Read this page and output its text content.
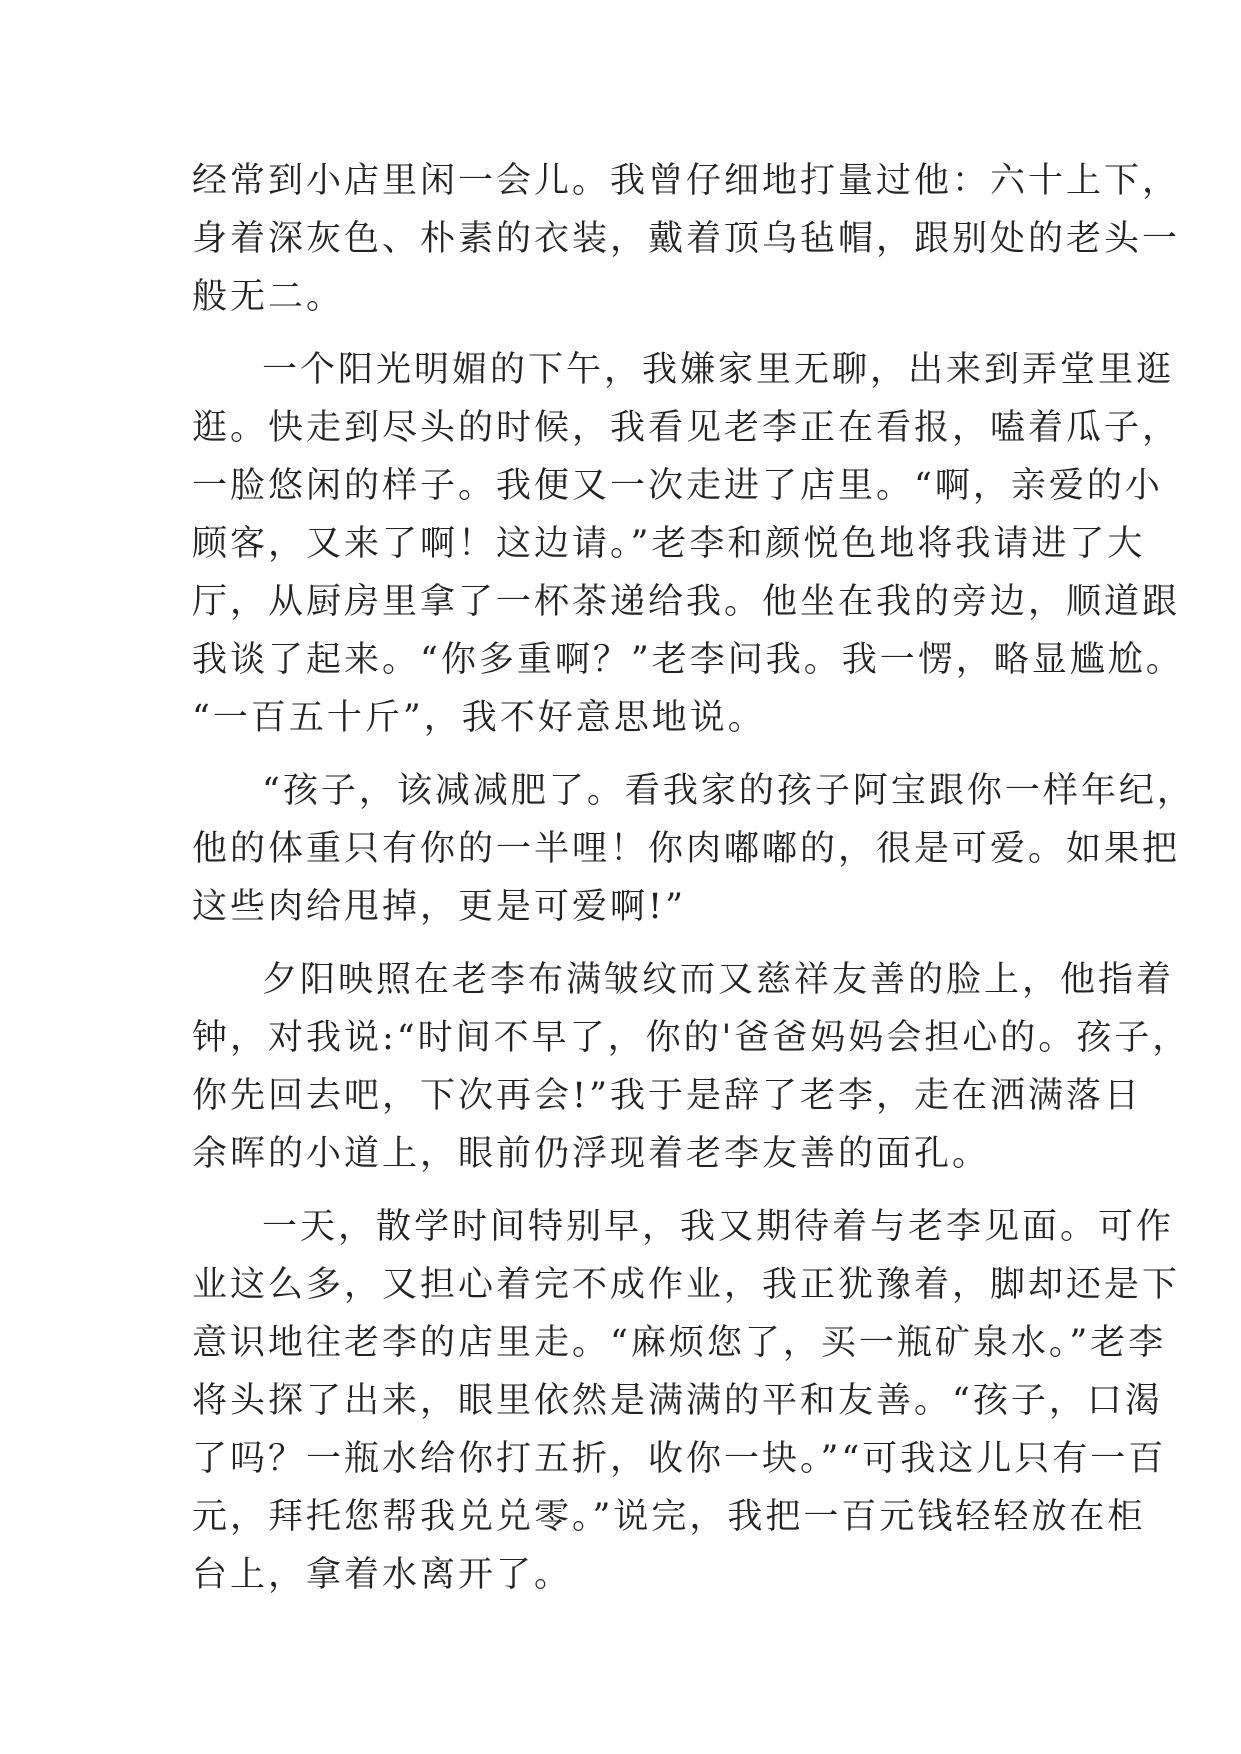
经常到小店里闲一会儿。我曾仔细地打量过他：六十上下，
身着深灰色、朴素的衣装，戴着顶乌毡帽，跟别处的老头一
般无二。
一个阳光明媚的下午，我嫌家里无聊，出来到弄堂里逛
逛。快走到尽头的时候，我看见老李正在看报，嗑着瓜子，
一脸悠闲的样子。我便又一次走进了店里。“啊，亲爱的小
顾客，又来了啊！这边请。”老李和颜悦色地将我请进了大
厅，从厨房里拿了一杯茶递给我。他坐在我的旁边，顺道跟
我谈了起来。“你多重啊？”老李问我。我一愣，略显尴尬。
“一百五十斤”，我不好意思地说。
“孩子，该减减肥了。看我家的孩子阿宝跟你一样年纪，
他的体重只有你的一半哩！你肉嘟嘟的，很是可爱。如果把
这些肉给甩掉，更是可爱啊!”
夕阳映照在老李布满皱纹而又慈祥友善的脸上，他指着
钟，对我说:“时间不早了，你的'爸爸妈妈会担心的。孩子，
你先回去吧，下次再会!”我于是辞了老李，走在洒满落日
余晖的小道上，眼前仍浮现着老李友善的面孔。
一天，散学时间特别早，我又期待着与老李见面。可作
业这么多，又担心着完不成作业，我正犹豫着，脚却还是下
意识地往老李的店里走。“麻烦您了，买一瓶矿泉水。”老李
将头探了出来，眼里依然是满满的平和友善。“孩子，口渴
了吗？一瓶水给你打五折，收你一块。”“可我这儿只有一百
元，拜托您帮我兑兑零。”说完，我把一百元钱轻轻放在柜
台上，拿着水离开了。
